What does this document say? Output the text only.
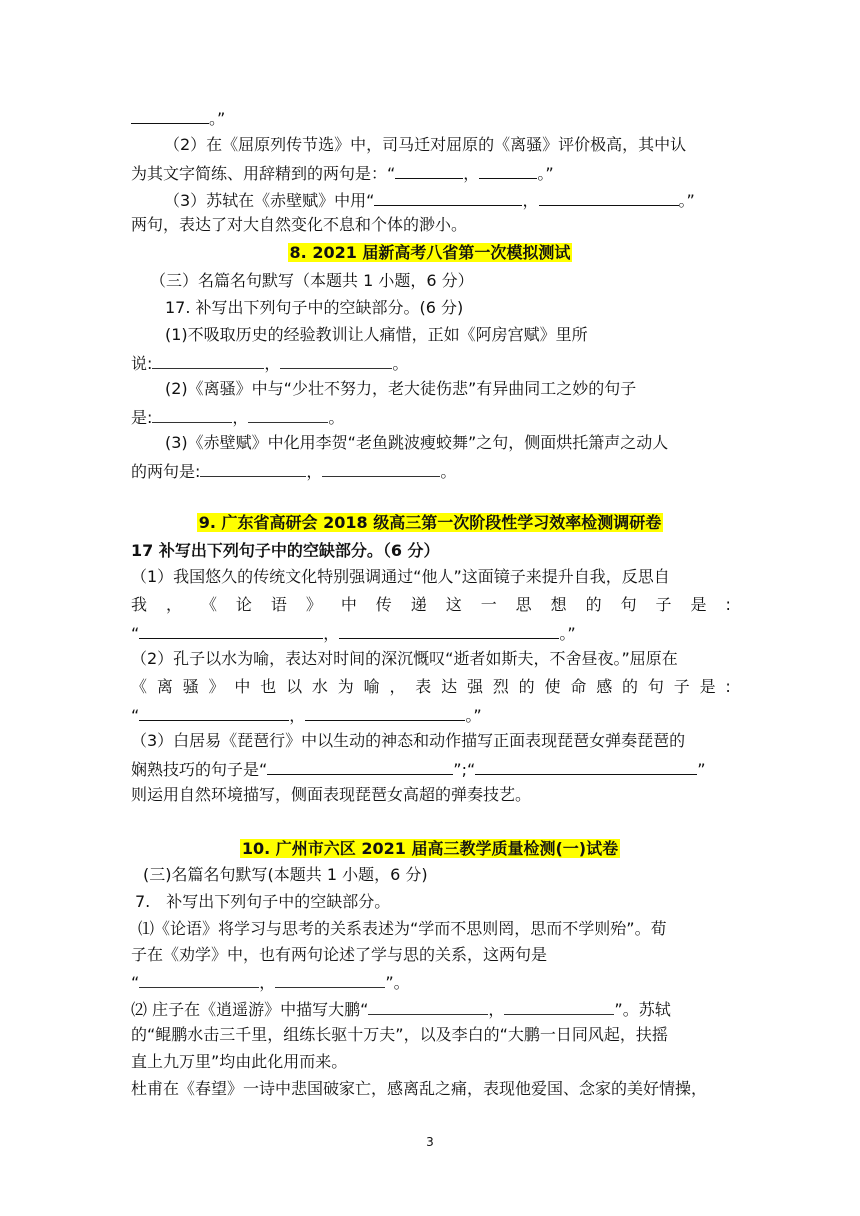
。”
（2）在《屈原列传节选》中，司马迁对屈原的《离骚》评价极高，其中认
为其文字简练、用辞精到的两句是：“	，	。”
（3）苏轼在《赤壁赋》中用“	，	。”
两句，表达了对大自然变化不息和个体的渺小。
8. 2021 届新高考八省第一次模拟测试
（三）名篇名句默写（本题共 1 小题，6 分）
17. 补写出下列句子中的空缺部分。(6 分)
(1)不吸取历史的经验教训让人痛惜，正如《阿房宫赋》里所
说:	，	。
(2)《离骚》中与“少壮不努力，老大徒伤悲”有异曲同工之妙的句子
是:	，	。
(3)《赤壁赋》中化用李贺“老鱼跳波瘦蛟舞”之句，侧面烘托箫声之动人
的两句是:	，	。
9. 广东省高研会 2018 级高三第一次阶段性学习效率检测调研卷
17 补写出下列句子中的空缺部分。（6 分）
（1）我国悠久的传统文化特别强调通过“他人”这面镜子来提升自我，反思自
我 ， 《 论 语 》 中 传 递 这 一 思 想 的 句 子 是 :
“	，	。”
（2）孔子以水为喻，表达对时间的深沉慨叹“逝者如斯夫，不舍昼夜。”屈原在
《 离 骚 》 中 也 以 水 为 喻 ， 表 达 强 烈 的 使 命 感 的 句 子 是 :
“	，	。”
（3）白居易《琵琶行》中以生动的神态和动作描写正面表现琵琶女弹奏琵琶的
娴熟技巧的句子是“	”;“	”
则运用自然环境描写，侧面表现琵琶女高超的弹奏技艺。
10. 广州市六区 2021 届高三教学质量检测(一)试卷
(三)名篇名句默写(本题共 1 小题，6 分)
7.　补写出下列句子中的空缺部分。
⑴《论语》将学习与思考的关系表述为“学而不思则罔，思而不学则殆”。荀
子在《劝学》中，也有两句论述了学与思的关系，这两句是
“	，	”。
⑵ 庄子在《逍遥游》中描写大鹏“	，	”。苏轼
的“鲲鹏水击三千里，组练长驱十万夫”，以及李白的“大鹏一日同风起，扶摇
直上九万里”均由此化用而来。
杜甫在《春望》一诗中悲国破家亡，感离乱之痛，表现他爱国、念家的美好情操，
3
